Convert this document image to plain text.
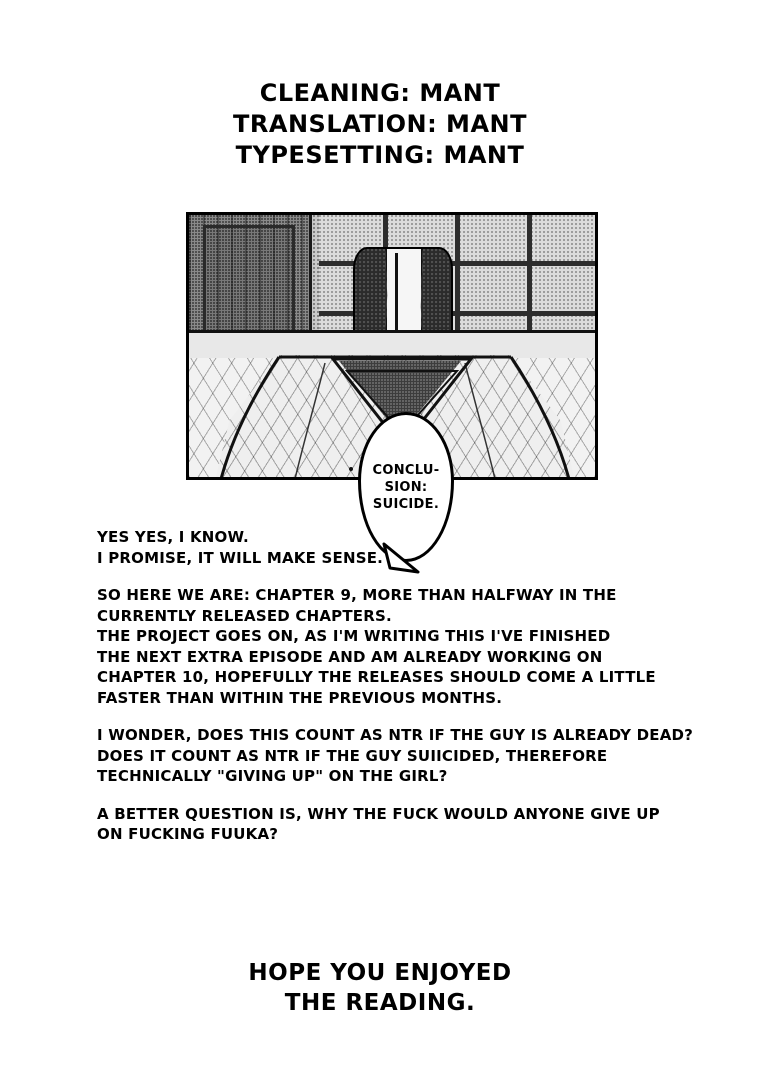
CLEANING: MANT
TRANSLATION: MANT
TYPESETTING: MANT
CONCLU- SION: SUICIDE.

YES YES, I KNOW.
I PROMISE, IT WILL MAKE SENSE.

SO HERE WE ARE: CHAPTER 9, MORE THAN HALFWAY IN THE
CURRENTLY RELEASED CHAPTERS.
THE PROJECT GOES ON, AS I'M WRITING THIS I'VE FINISHED
THE NEXT EXTRA EPISODE AND AM ALREADY WORKING ON
CHAPTER 10, HOPEFULLY THE RELEASES SHOULD COME A LITTLE
FASTER THAN WITHIN THE PREVIOUS MONTHS.

I WONDER, DOES THIS COUNT AS NTR IF THE GUY IS ALREADY DEAD?
DOES IT COUNT AS NTR IF THE GUY SUIICIDED, THEREFORE
TECHNICALLY "GIVING UP" ON THE GIRL?

A BETTER QUESTION IS, WHY THE FUCK WOULD ANYONE GIVE UP
ON FUCKING FUUKA?

HOPE YOU ENJOYED
THE READING.
